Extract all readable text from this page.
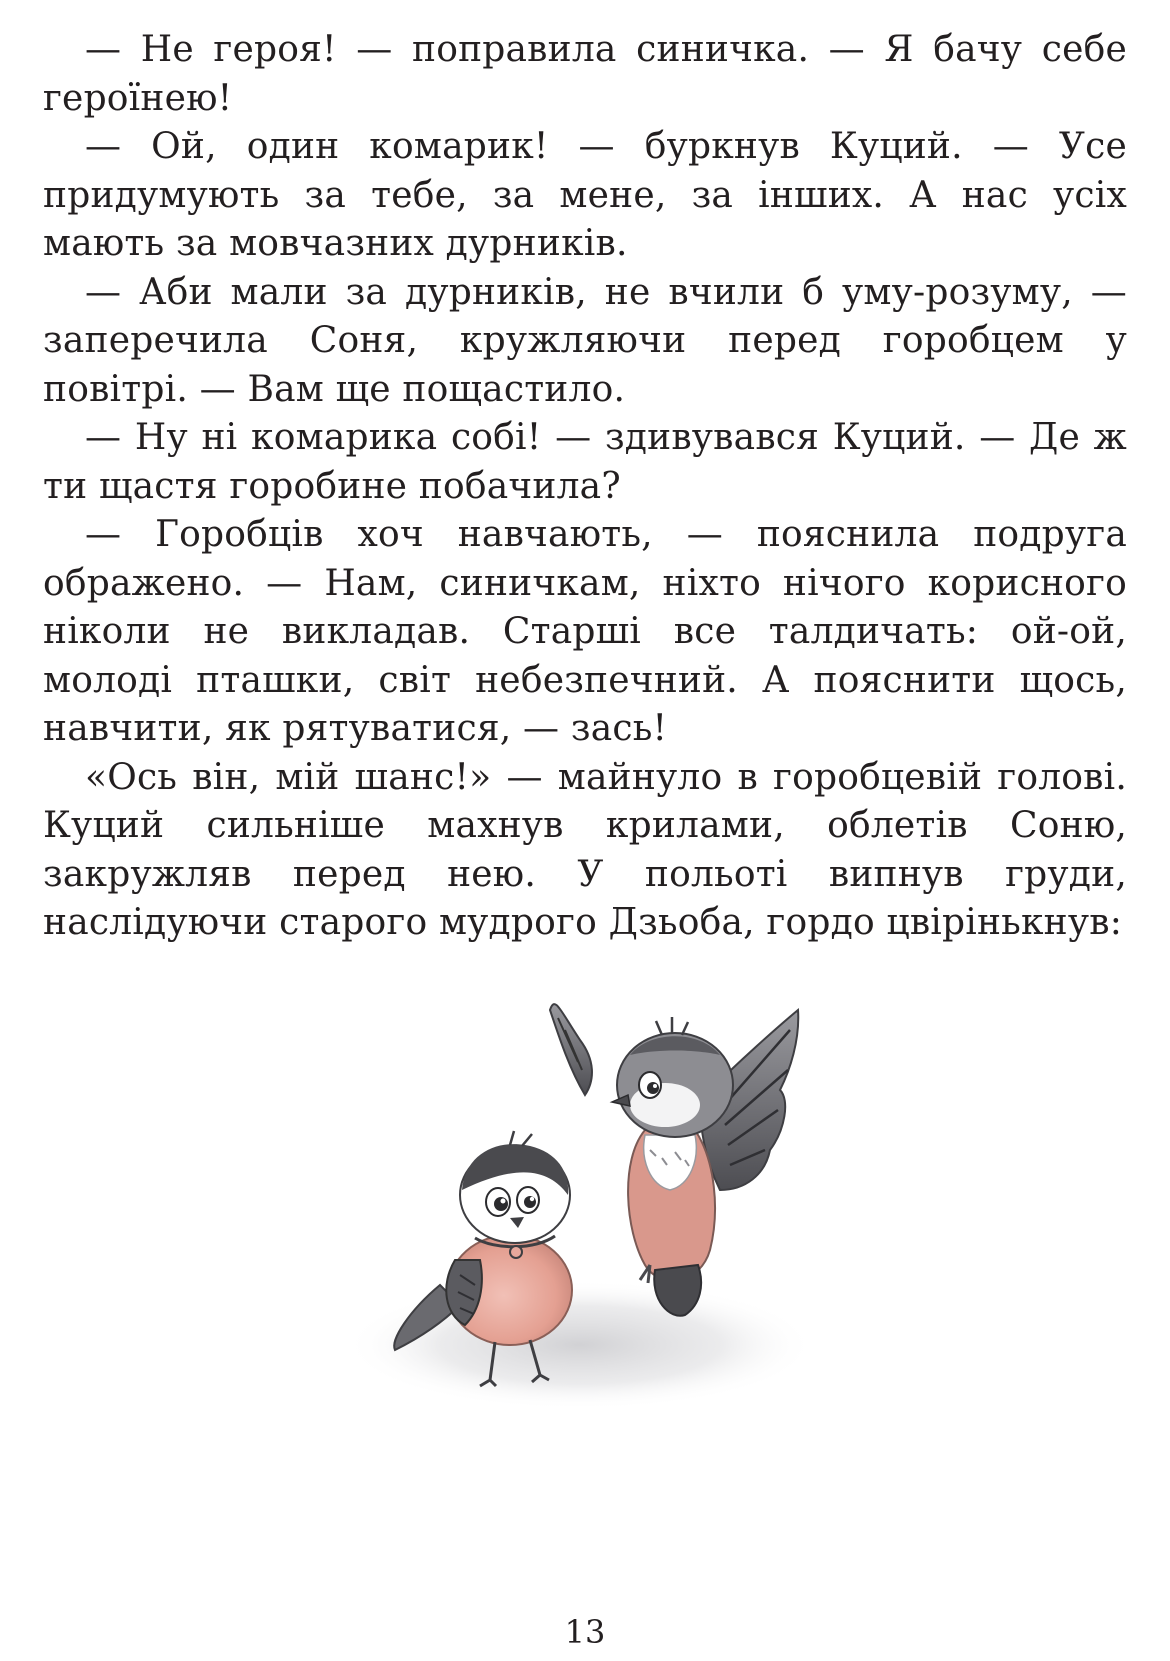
— Не героя! — поправила синичка. — Я бачу себе героїнею!

— Ой, один комарик! — буркнув Куций. — Усе придумують за тебе, за мене, за інших. А нас усіх мають за мовчазних дурників.

— Аби мали за дурників, не вчили б уму-розуму, — заперечила Соня, кружляючи перед горобцем у повітрі. — Вам ще пощастило.

— Ну ні комарика собі! — здивувався Куций. — Де ж ти щастя горобине побачила?

— Горобців хоч навчають, — пояснила подруга ображено. — Нам, синичкам, ніхто нічого корисного ніколи не викладав. Старші все талдичать: ой-ой, молоді пташки, світ небезпечний. А пояснити щось, навчити, як рятуватися, — зась!

«Ось він, мій шанс!» — майнуло в горобцевій голові. Куций сильніше махнув крилами, облетів Соню, закружляв перед нею. У польоті випнув груди, наслідуючи старого мудрого Дзьоба, гордо цвірінькнув:

13
